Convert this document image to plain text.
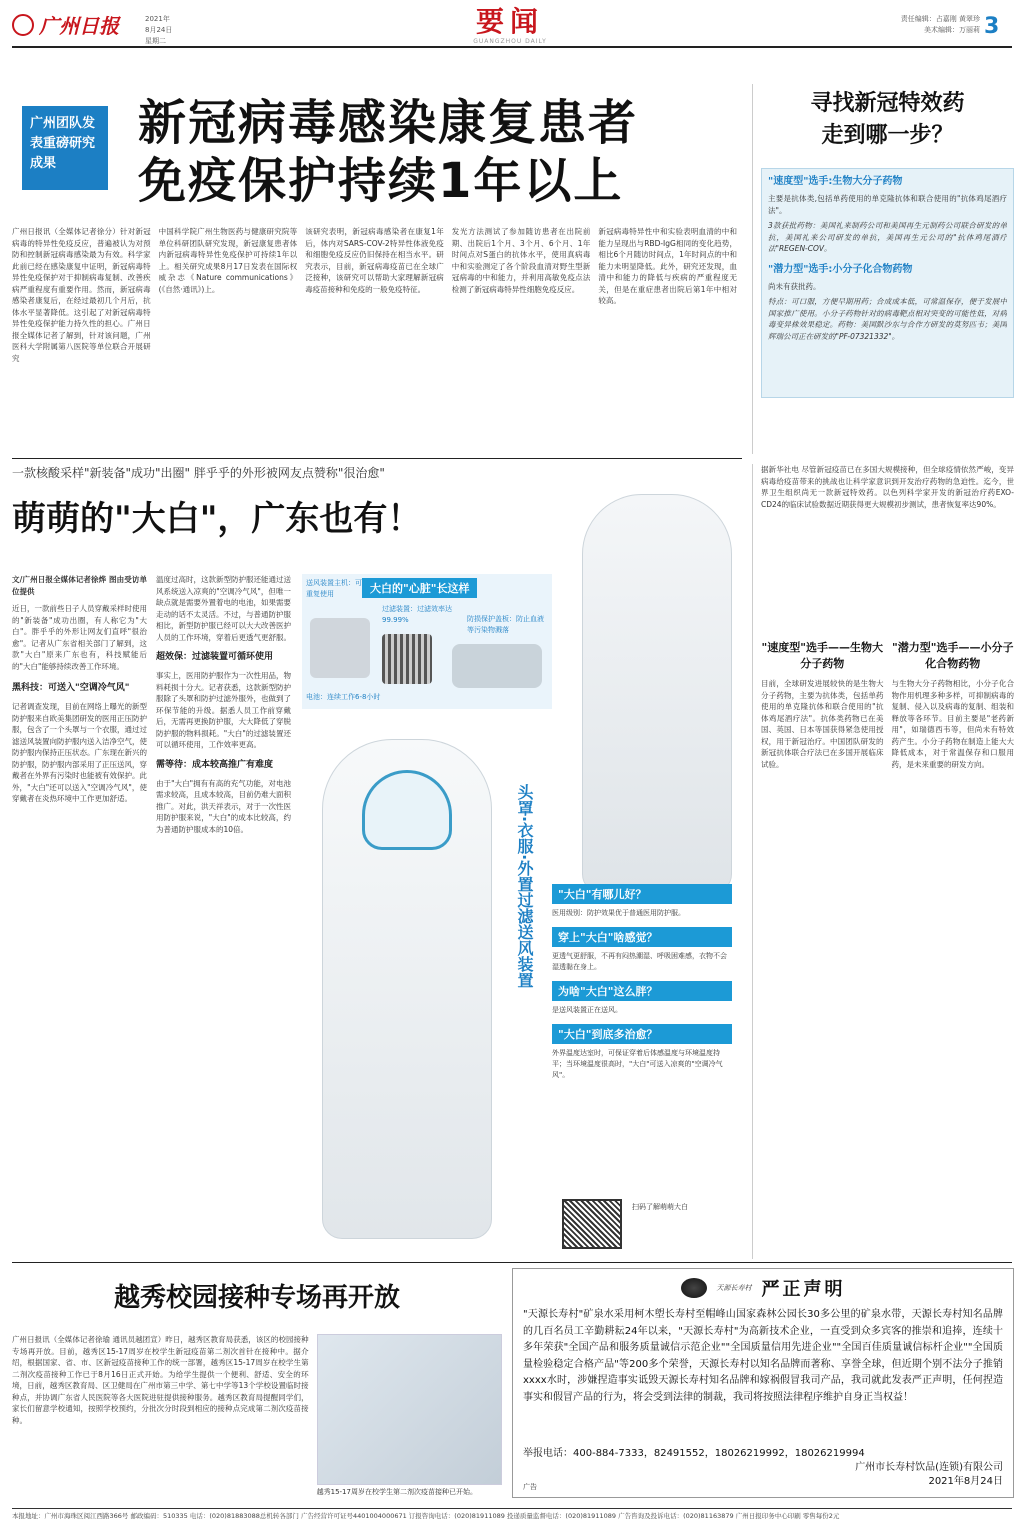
广州日报	2021年
8月24日
星期二
要闻
GUANGZHOU DAILY
责任编辑：占嘉刚 黄翠珍
美术编辑：万丽莉 3
广州团队发表重磅研究成果
新冠病毒感染康复患者
免疫保护持续1年以上
广州日报讯（全媒体记者徐分）针对新冠病毒的特异性免疫反应，普遍被认为对预防和控制新冠病毒感染最为有效。科学家此前已经在感染康复中证明，新冠病毒特异性免疫保护对于抑制病毒复制、改善疾病严重程度有重要作用。然而，新冠病毒感染者康复后，在经过最初几个月后，抗体水平显著降低。这引起了对新冠病毒特异性免疫保护能力持久性的担心。广州日报全媒体记者了解到，针对该问题，广州医科大学附属第八医院等单位联合开展研究
中国科学院广州生物医药与健康研究院等单位科研团队研究发现，新冠康复患者体内新冠病毒特异性免疫保护可持续1年以上。相关研究成果8月17日发表在国际权威杂志《Nature communications》(《自然·通讯》)上。
该研究表明，新冠病毒感染者在康复1年后，体内对SARS-COV-2特异性体液免疫和细胞免疫反应仍旧保持在相当水平。研究表示，目前，新冠病毒疫苗已在全球广泛接种，该研究可以帮助大家理解新冠病毒疫苗接种和免疫的一般免疫特征。
发光方法测试了参加随访患者在出院前期、出院后1个月、3个月、6个月、1年时间点对S蛋白的抗体水平，使用真病毒中和实验测定了各个阶段血清对野生型新冠病毒的中和能力，并利用高敏免疫点法检测了新冠病毒特异性细胞免疫反应。
新冠病毒特异性中和实验表明血清的中和能力呈现出与RBD-IgG相同的变化趋势，相比6个月随访时间点，1年时间点的中和能力未明显降低。此外，研究还发现，血清中和能力的降低与疾病的严重程度无关，但是在重症患者出院后第1年中相对较高。
寻找新冠特效药
走到哪一步？
"速度型"选手:生物大分子药物
主要是抗体类,包括单药使用的单克隆抗体和联合使用的"抗体鸡尾酒疗法"。
3款获批药物：美国礼来制药公司和美国再生元制药公司联合研发的单抗，美国礼来公司研发的单抗，美国再生元公司的"抗体鸡尾酒疗法"REGEN-COV。
"潜力型"选手:小分子化合物药物
尚未有获批药。
特点：可口服，方便早期用药；合成成本低，可常温保存，便于发展中国家推广使用。小分子药物针对的病毒靶点相对突变的可能性低，对病毒变异株效果稳定。药物：美国默沙东与合作方研发的莫努匹韦；美国辉瑞公司正在研发的"PF-07321332"。
一款核酸采样"新装备"成功"出圈" 胖乎乎的外形被网友点赞称"很治愈"
萌萌的"大白"，广东也有！
文/广州日报全媒体记者徐烨 图由受访单位提供
近日，一款前些日子人员穿戴采样时使用的"新装备"成功出圈，有人称它为"大白"。胖乎乎的外形让网友们直呼"很治愈"。记者从广东省相关部门了解到，这款"大白"原来广东也有，科技赋能后的"大白"能够持续改善工作环境。
黑科技：可送入"空调冷气风"
记者调查发现，目前在网络上曝光的新型防护服来自欧美集团研发的医用正压防护服，包含了一个头罩与一个衣服，通过过滤送风装置向防护服内送入洁净空气，使防护服内保持正压状态。广东现在新兴的防护服，防护服内部采用了正压送风，穿戴者在外界有污染时也能被有效保护。此外，"大白"还可以送入"空调冷气风"，使穿戴者在炎热环境中工作更加舒适。
温度过高时，这款新型防护服还能通过送风系统送入凉爽的"空调冷气风"，但唯一缺点就是需要外置着电的电池，如果需要走动的话不太灵活。不过，与普通防护服相比，新型防护服已经可以大大改善医护人员的工作环境，穿着后更透气更舒服。
超效保：过滤装置可循环使用
事实上，医用防护服作为一次性用品，物料耗损十分大。记者获悉，这款新型防护服除了头罩和防护过滤外服外，也做到了环保节能的升级。据悉人员工作前穿戴后，无需再更换防护服，大大降低了穿脱防护服的物料损耗。"大白"的过滤装置还可以循环使用，工作效率更高。
需等待：成本较高推广有难度
由于"大白"拥有有高的充气功能，对电池需求较高，且成本较高，目前仍难大面积推广。对此，洪天祥表示，对于一次性医用防护服来说，"大白"的成本比较高，约为普通防护服成本的10倍。
大白的"心脏"长这样
送风装置主机：可重复使用
过滤装置：过滤效率达99.99%	防损保护盖板：防止血液等污染物溅落
电池：连续工作6-8小时
头罩·衣服·外置过滤送风装置	"大白"有哪儿好？
医用级别：防护效果优于普通医用防护服。
穿上"大白"啥感觉？
更透气更舒服，不再有闷热潮湿、呼吸困难感，衣物不会湿透黏在身上。
为啥"大白"这么胖？
是送风装置正在送风。
"大白"到底多治愈？
外界温度达室时，可保证穿着后体感温度与环境温度持平；当环境温度很高时，"大白"可送入凉爽的"空调冷气风"。
扫码了解萌萌大白
据新华社电 尽管新冠疫苗已在多国大规模接种，但全球疫情依然严峻，变异病毒给疫苗带来的挑战也让科学家意识到开发治疗药物的急迫性。迄今，世界卫生组织尚无一款新冠特效药。以色列科学家开发的新冠治疗药EXO-CD24的临床试验数据近期获得更大规模初步测试，患者恢复率达90%。
"速度型"选手——生物大分子药物
目前，全球研发进展较快的是生物大分子药物，主要为抗体类，包括单药使用的单克隆抗体和联合使用的"抗体鸡尾酒疗法"。抗体类药物已在美国、英国、日本等国获得紧急使用授权，用于新冠治疗。中国团队研发的新冠抗体联合疗法已在多国开展临床试验。
"潜力型"选手——小分子化合物药物
与生物大分子药物相比，小分子化合物作用机理多种多样，可抑制病毒的复制、侵入以及病毒的复制、组装和释放等各环节。目前主要是"老药新用"，如瑞德西韦等，但尚未有特效药产生。小分子药物在制造上能大大降低成本，对于常温保存和口服用药，是未来重要的研发方向。
越秀校园接种专场再开放
广州日报讯（全媒体记者徐瑜 通讯员越团宣）昨日，越秀区教育局获悉，该区的校园接种专场再开放。目前，越秀区15-17周岁在校学生新冠疫苗第二剂次首针在接种中。据介绍，根据国家、省、市、区新冠疫苗接种工作的统一部署，越秀区15-17周岁在校学生第二剂次疫苗接种工作已于8月16日正式开始。为给学生提供一个便利、舒适、安全的环境，日前，越秀区教育局、区卫健局在广州市第三中学、第七中学等13个学校设置临时接种点，并协调广东省人民医院等各大医院进驻提供接种服务。越秀区教育局提醒同学们，家长们留意学校通知，按照学校预约，分批次分时段到相应的接种点完成第二剂次疫苗接种。
越秀15-17周岁在校学生第二剂次疫苗接种已开始。
天源长寿村 严正声明
"天源长寿村"矿泉水采用柯木塱长寿村至帽峰山国家森林公园长30多公里的矿泉水带，天源长寿村知名品牌的几百名员工辛勤耕耘24年以来，"天源长寿村"为高新技术企业，一直受到众多宾客的推崇和追捧，连续十多年荣获"全国产品和服务质量诚信示范企业""全国质量信用先进企业""全国百佳质量诚信标杆企业""全国质量检验稳定合格产品"等200多个荣誉，天源长寿村以知名品牌而著称、享誉全球，但近期个别不法分子推销xxxx水时，涉嫌捏造事实诋毁天源长寿村知名品牌和嫁祸假冒我司产品，我司就此发表严正声明，任何捏造事实和假冒产品的行为，将会受到法律的制裁，我司将按照法律程序维护自身正当权益！
举报电话：400-884-7333，82491552，18026219992，18026219994
广州市长寿村饮品(连锁)有限公司
2021年8月24日
广告
本报地址：广州市海珠区阅江西路366号 邮政编码：510335 电话：(020)81883088总机转各部门 广告经营许可证号4401004000671 订报咨询电话：(020)81911089 投递质量监督电话：(020)81911089 广告咨询及投诉电话：(020)81163879 广州日报印务中心印刷 零售每份2元
